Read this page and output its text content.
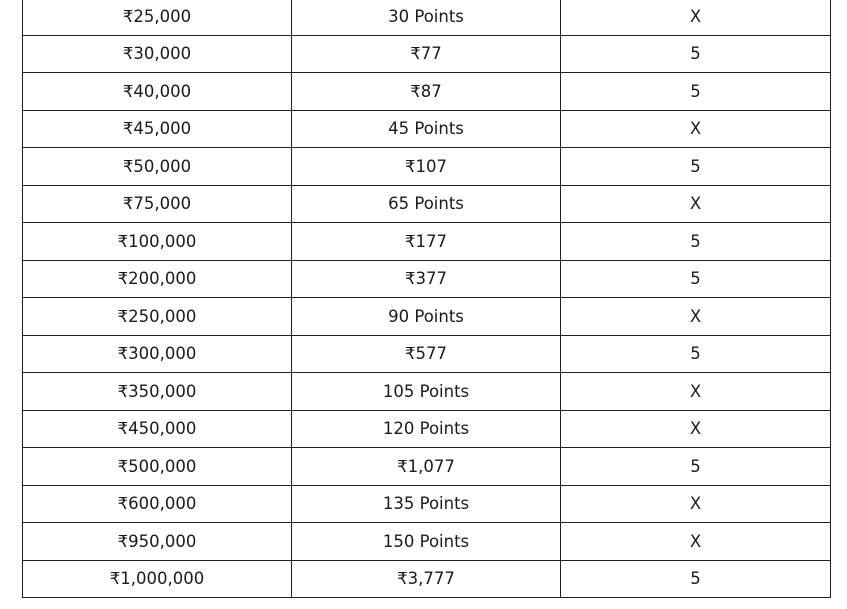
₹25,000	30 Points	X
₹30,000	₹77	5
₹40,000	₹87	5
₹45,000	45 Points	X
₹50,000	₹107	5
₹75,000	65 Points	X
₹100,000	₹177	5
₹200,000	₹377	5
₹250,000	90 Points	X
₹300,000	₹577	5
₹350,000	105 Points	X
₹450,000	120 Points	X
₹500,000	₹1,077	5
₹600,000	135 Points	X
₹950,000	150 Points	X
₹1,000,000	₹3,777	5
